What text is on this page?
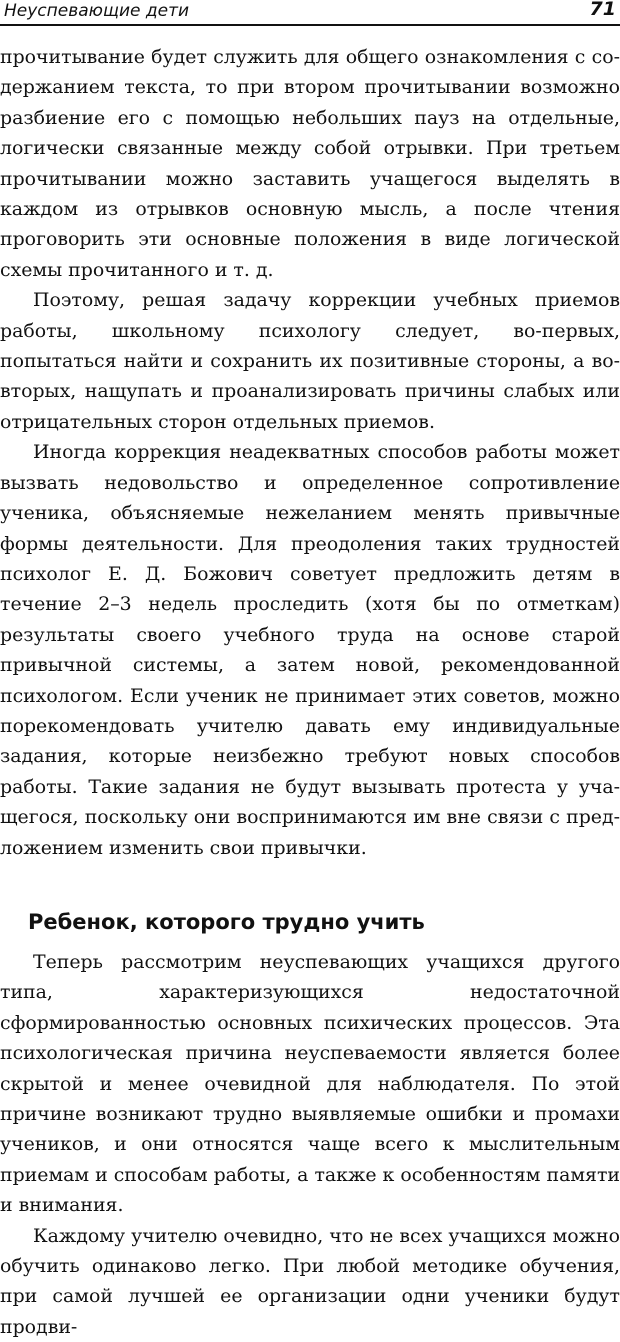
Неуспевающие дети	71

прочитывание будет служить для общего ознакомления с содержанием текста, то при втором прочитывании возможно разбиение его с помощью небольших пауз на отдельные, логически связанные между собой отрывки. При третьем прочитывании можно заставить учащегося выделять в каждом из отрывков основную мысль, а после чтения проговорить эти основные положения в виде логической схемы прочитанного и т. д.

Поэтому, решая задачу коррекции учебных приемов работы, школьному психологу следует, во-первых, попытаться найти и сохранить их позитивные стороны, а во-вторых, нащупать и проанализировать причины слабых или отрицательных сторон отдельных приемов.

Иногда коррекция неадекватных способов работы может вызвать недовольство и определенное сопротивление ученика, объясняемые нежеланием менять привычные формы деятельности. Для преодоления таких трудностей психолог Е. Д. Божович советует предложить детям в течение 2–3 недель проследить (хотя бы по отметкам) результаты своего учебного труда на основе старой привычной системы, а затем новой, рекомендованной психологом. Если ученик не принимает этих советов, можно порекомендовать учителю давать ему индивидуальные задания, которые неизбежно требуют новых способов работы. Такие задания не будут вызывать протеста у учащегося, поскольку они воспринимаются им вне связи с предложением изменить свои привычки.

Ребенок, которого трудно учить

Теперь рассмотрим неуспевающих учащихся другого типа, характеризующихся недостаточной сформированностью основных психических процессов. Эта психологическая причина неуспеваемости является более скрытой и менее очевидной для наблюдателя. По этой причине возникают трудно выявляемые ошибки и промахи учеников, и они относятся чаще всего к мыслительным приемам и способам работы, а также к особенностям памяти и внимания.

Каждому учителю очевидно, что не всех учащихся можно обучить одинаково легко. При любой методике обучения, при самой лучшей ее организации одни ученики будут продви-
